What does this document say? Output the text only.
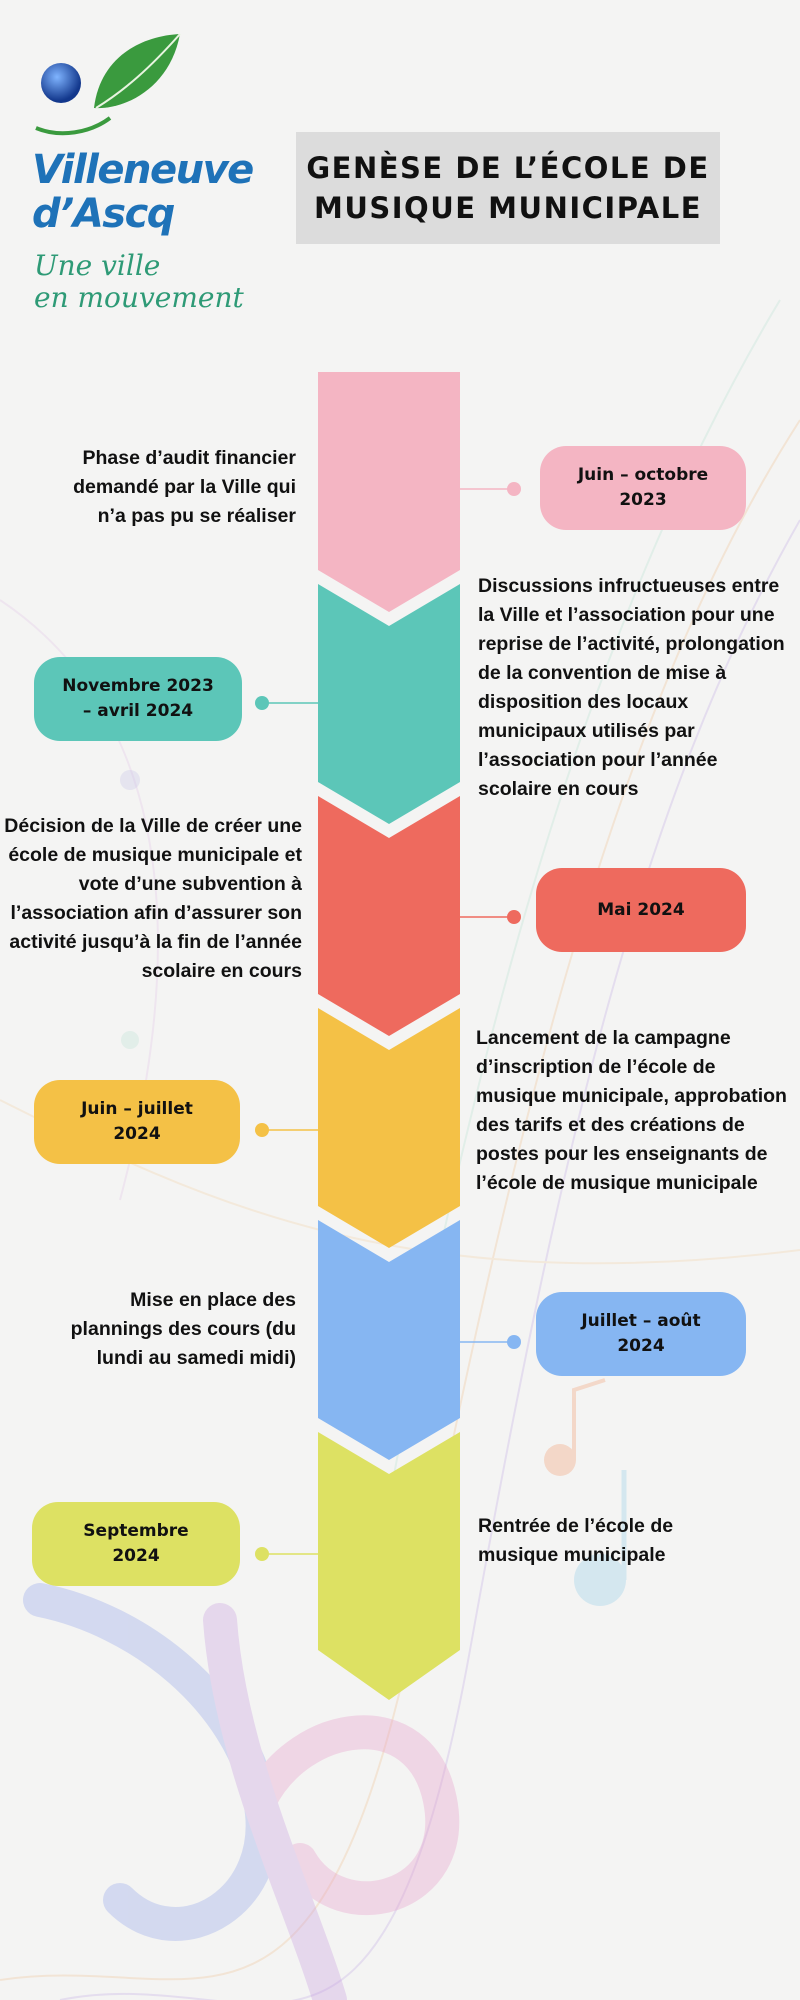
Villeneuve
d’Ascq
Une ville
en mouvement
GENÈSE DE L’ÉCOLE DE MUSIQUE MUNICIPALE
Phase d’audit financier demandé par la Ville qui n’a pas pu se réaliser
Juin – octobre 2023
Novembre 2023 – avril 2024
Discussions infructueuses entre la Ville et l’association pour une reprise de l’activité, prolongation de la convention de mise à disposition des locaux municipaux utilisés par l’association pour l’année scolaire en cours
Décision de la Ville de créer une école de musique municipale et vote d’une subvention à l’association afin d’assurer son activité jusqu’à la fin de l’année scolaire en cours
Mai 2024
Juin – juillet 2024
Lancement de la campagne d’inscription de l’école de musique municipale, approbation des tarifs et des créations de postes pour les enseignants de l’école de musique municipale
Mise en place des plannings des cours (du lundi au samedi midi)
Juillet – août 2024
Septembre 2024
Rentrée de l’école de musique municipale
